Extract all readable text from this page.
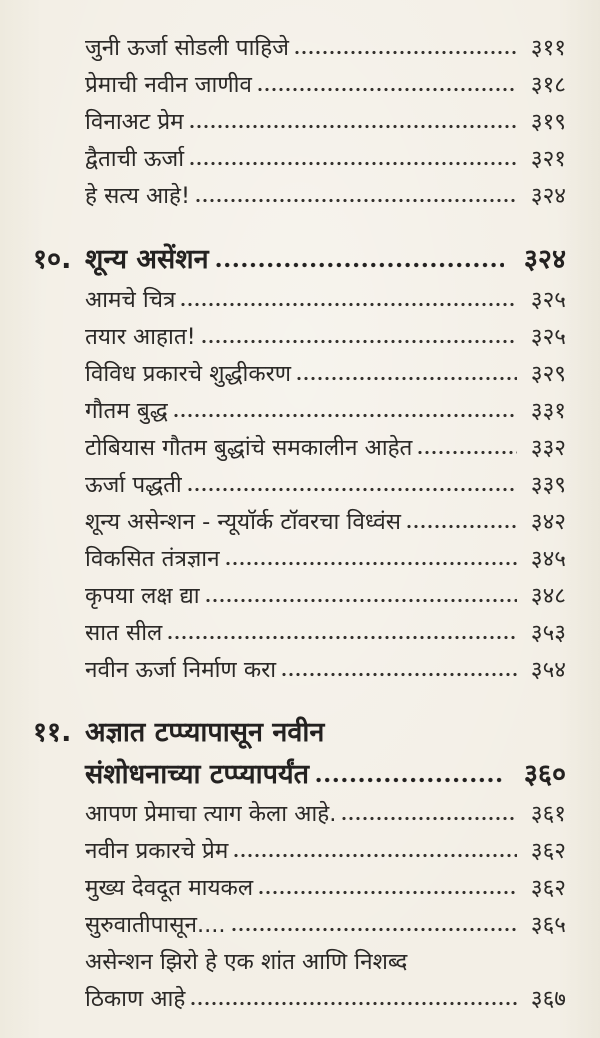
जुनी ऊर्जा सोडली पाहिजे	३११
प्रेमाची नवीन जाणीव	३१८
विनाअट प्रेम	३१९
द्वैताची ऊर्जा	३२१
हे सत्य आहे!	३२४
१०. शून्य असेंशन	३२४
आमचे चित्र	३२५
तयार आहात!	३२५
विविध प्रकारचे शुद्धीकरण	३२९
गौतम बुद्ध	३३१
टोबियास गौतम बुद्धांचे समकालीन आहेत	३३२
ऊर्जा पद्धती	३३९
शून्य असेन्शन - न्यूयॉर्क टॉवरचा विध्वंस	३४२
विकसित तंत्रज्ञान	३४५
कृपया लक्ष द्या	३४८
सात सील	३५३
नवीन ऊर्जा निर्माण करा	३५४
११. अज्ञात टप्प्यापासून नवीन
संशोधनाच्या टप्प्यापर्यंत	३६०
आपण प्रेमाचा त्याग केला आहे.	३६१
नवीन प्रकारचे प्रेम	३६२
मुख्य देवदूत मायकल	३६२
सुरुवातीपासून....	३६५
असेन्शन झिरो हे एक शांत आणि निशब्द
ठिकाण आहे	३६७
